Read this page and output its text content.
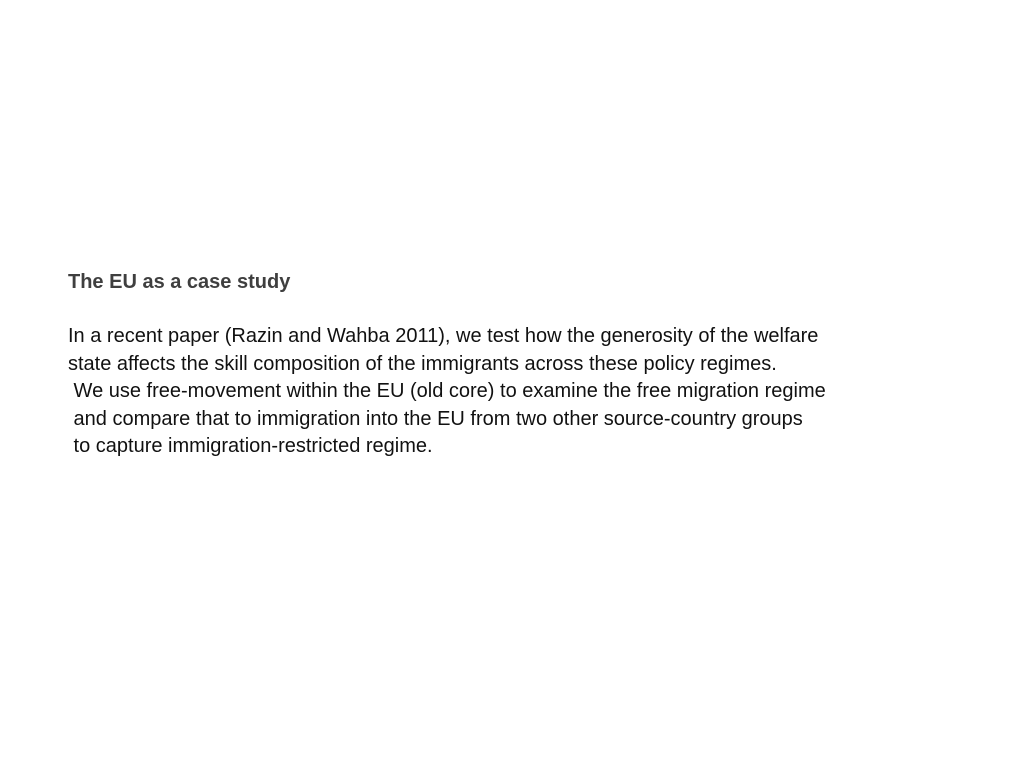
The EU as a case study
In a recent paper (Razin and Wahba 2011), we test how the generosity of the welfare
state affects the skill composition of the immigrants across these policy regimes.
We use free-movement within the EU (old core) to examine the free migration regime
and compare that to immigration into the EU from two other source-country groups
to capture immigration-restricted regime.
